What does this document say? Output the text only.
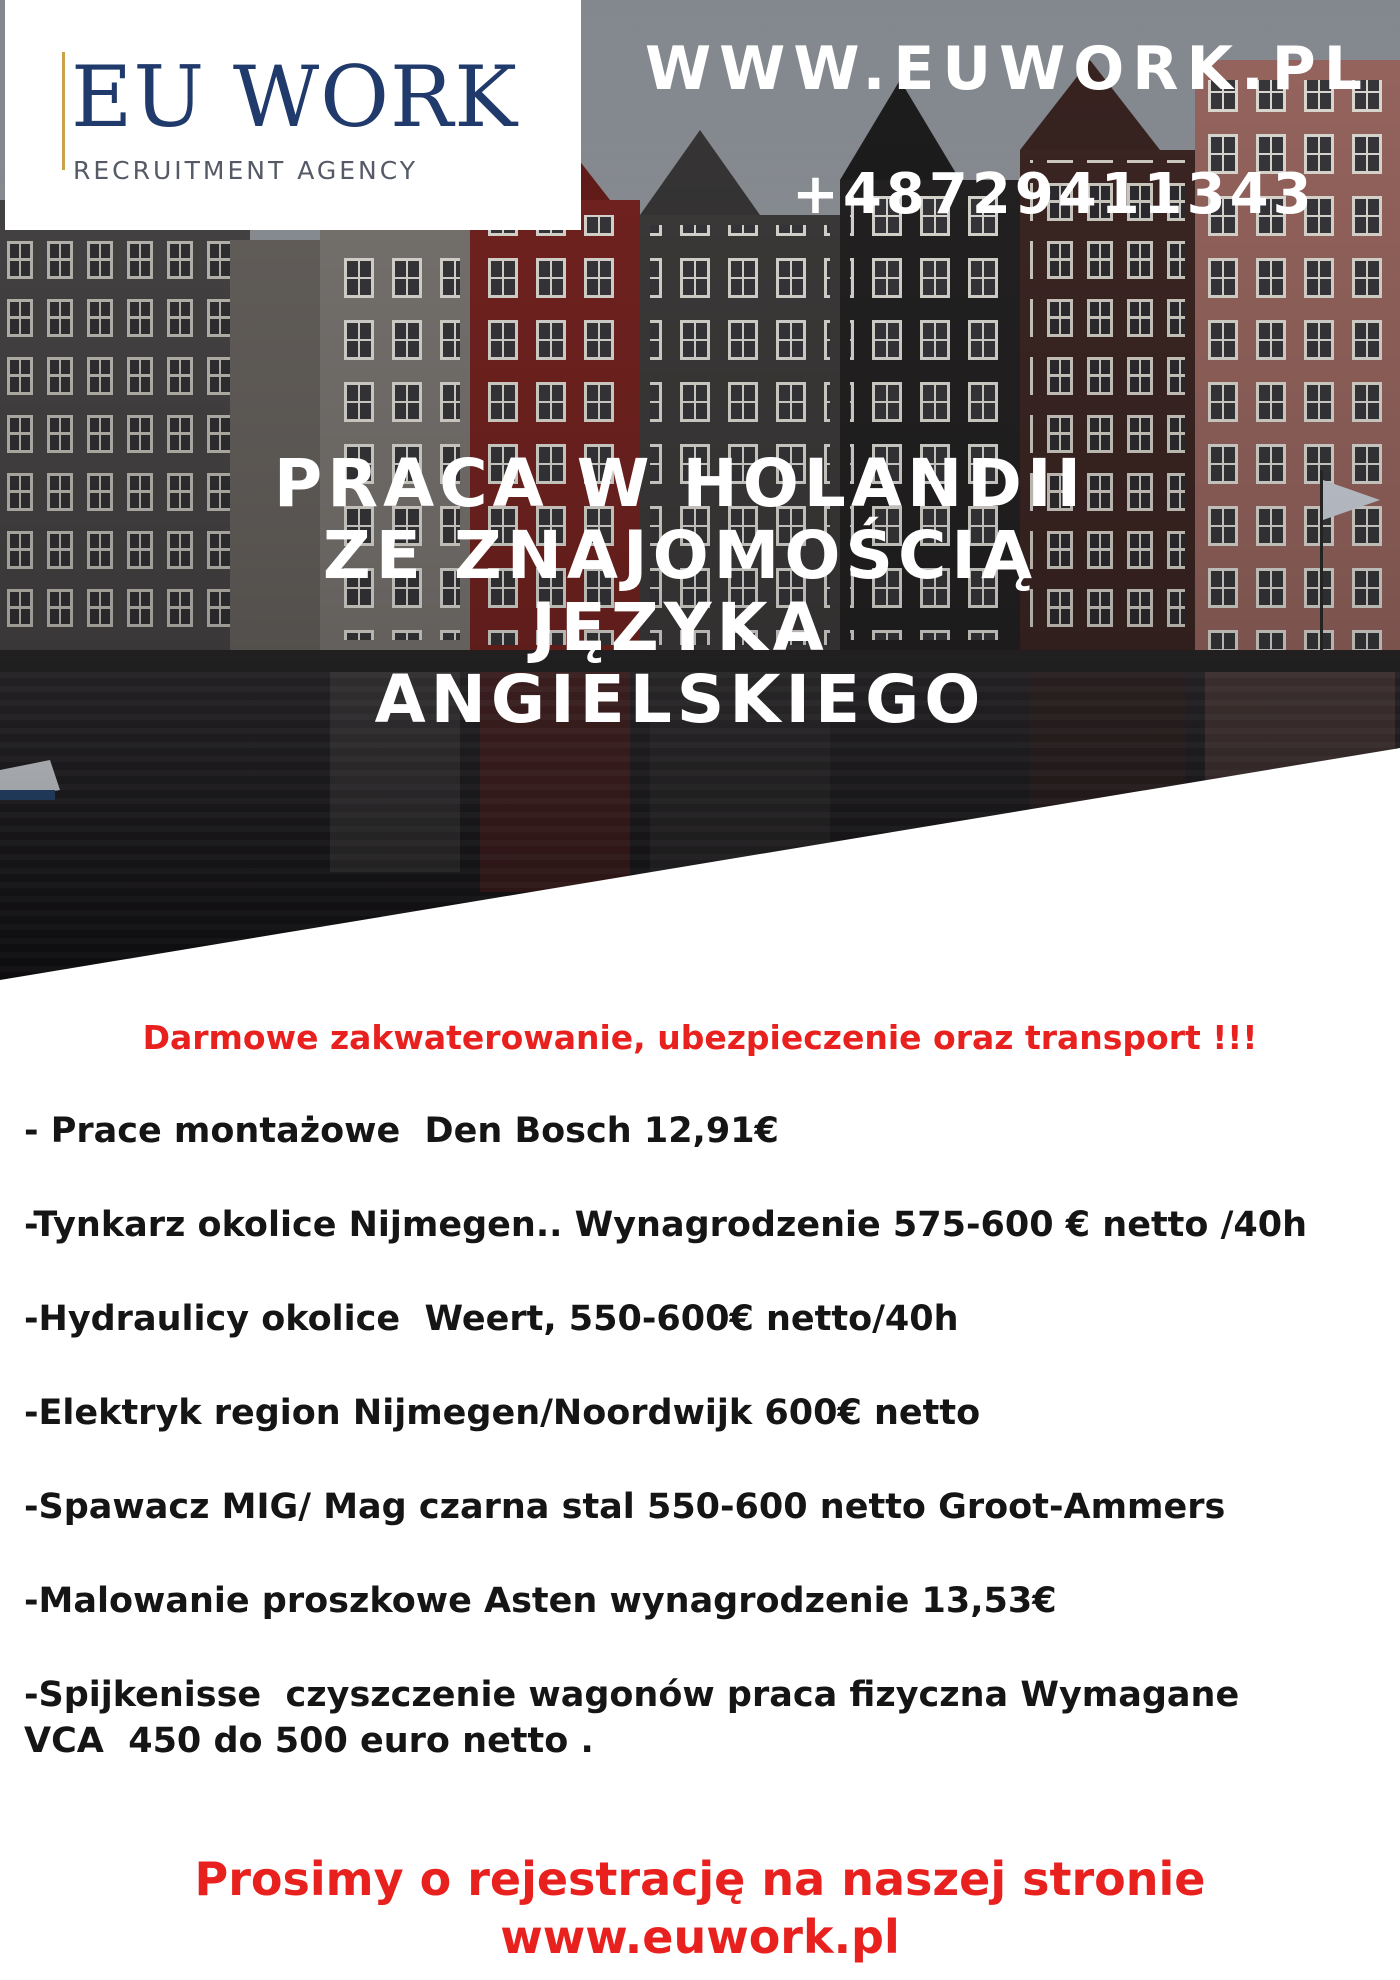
EU WORK
RECRUITMENT AGENCY
WWW.EUWORK.PL
+48729411343
PRACA W HOLANDII
ZE ZNAJOMOŚCIĄ
JĘZYKA
ANGIELSKIEGO
Darmowe zakwaterowanie, ubezpieczenie oraz transport !!!
- Prace montażowe  Den Bosch 12,91€
-Tynkarz okolice Nijmegen.. Wynagrodzenie 575-600 € netto /40h
-Hydraulicy okolice  Weert, 550-600€ netto/40h
-Elektryk region Nijmegen/Noordwijk 600€ netto
-Spawacz MIG/ Mag czarna stal 550-600 netto Groot-Ammers
-Malowanie proszkowe Asten wynagrodzenie 13,53€
-Spijkenisse  czyszczenie wagonów praca fizyczna Wymagane
VCA  450 do 500 euro netto .
Prosimy o rejestrację na naszej stronie
www.euwork.pl
